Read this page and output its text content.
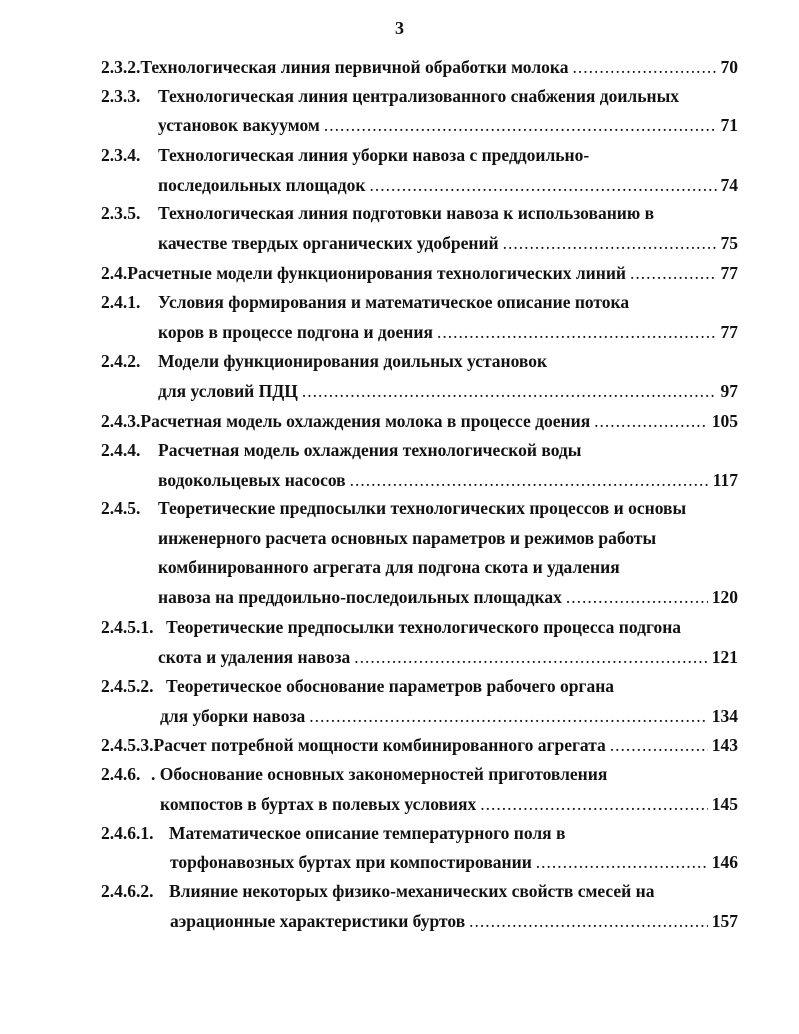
3
2.3.2. Технологическая линия первичной обработки молока .....	70
2.3.3.	Технологическая линия централизованного снабжения доильных
установок вакуумом .....	71
2.3.4.	Технологическая линия уборки навоза с преддоильно-
последоильных площадок .....	74
2.3.5.	Технологическая линия подготовки навоза к использованию в
качестве твердых органических удобрений .....	75
2.4. Расчетные модели функционирования технологических линий .....	77
2.4.1.	Условия формирования и математическое описание потока
коров в процессе подгона и доения .....	77
2.4.2.	Модели функционирования доильных установок
для условий ПДЦ .....	97
2.4.3. Расчетная модель охлаждения молока в процессе доения .....	105
2.4.4.	Расчетная модель охлаждения технологической воды
водокольцевых насосов .....	117
2.4.5.	Теоретические предпосылки технологических процессов и основы
инженерного расчета основных параметров и режимов работы
комбинированного агрегата для подгона скота и удаления
навоза на преддоильно-последоильных площадках .....	120
2.4.5.1. Теоретические предпосылки технологического процесса подгона
скота и удаления навоза .....	121
2.4.5.2. Теоретическое обоснование параметров рабочего органа
для уборки навоза .....	134
2.4.5.3. Расчет потребной мощности комбинированного агрегата .....	143
2.4.6. . Обоснование основных закономерностей приготовления
компостов в буртах в полевых условиях .....	145
2.4.6.1. Математическое описание температурного поля в
торфонавозных буртах при компостировании .....	146
2.4.6.2. Влияние некоторых физико-механических свойств смесей на
аэрационные характеристики буртов .....	157
